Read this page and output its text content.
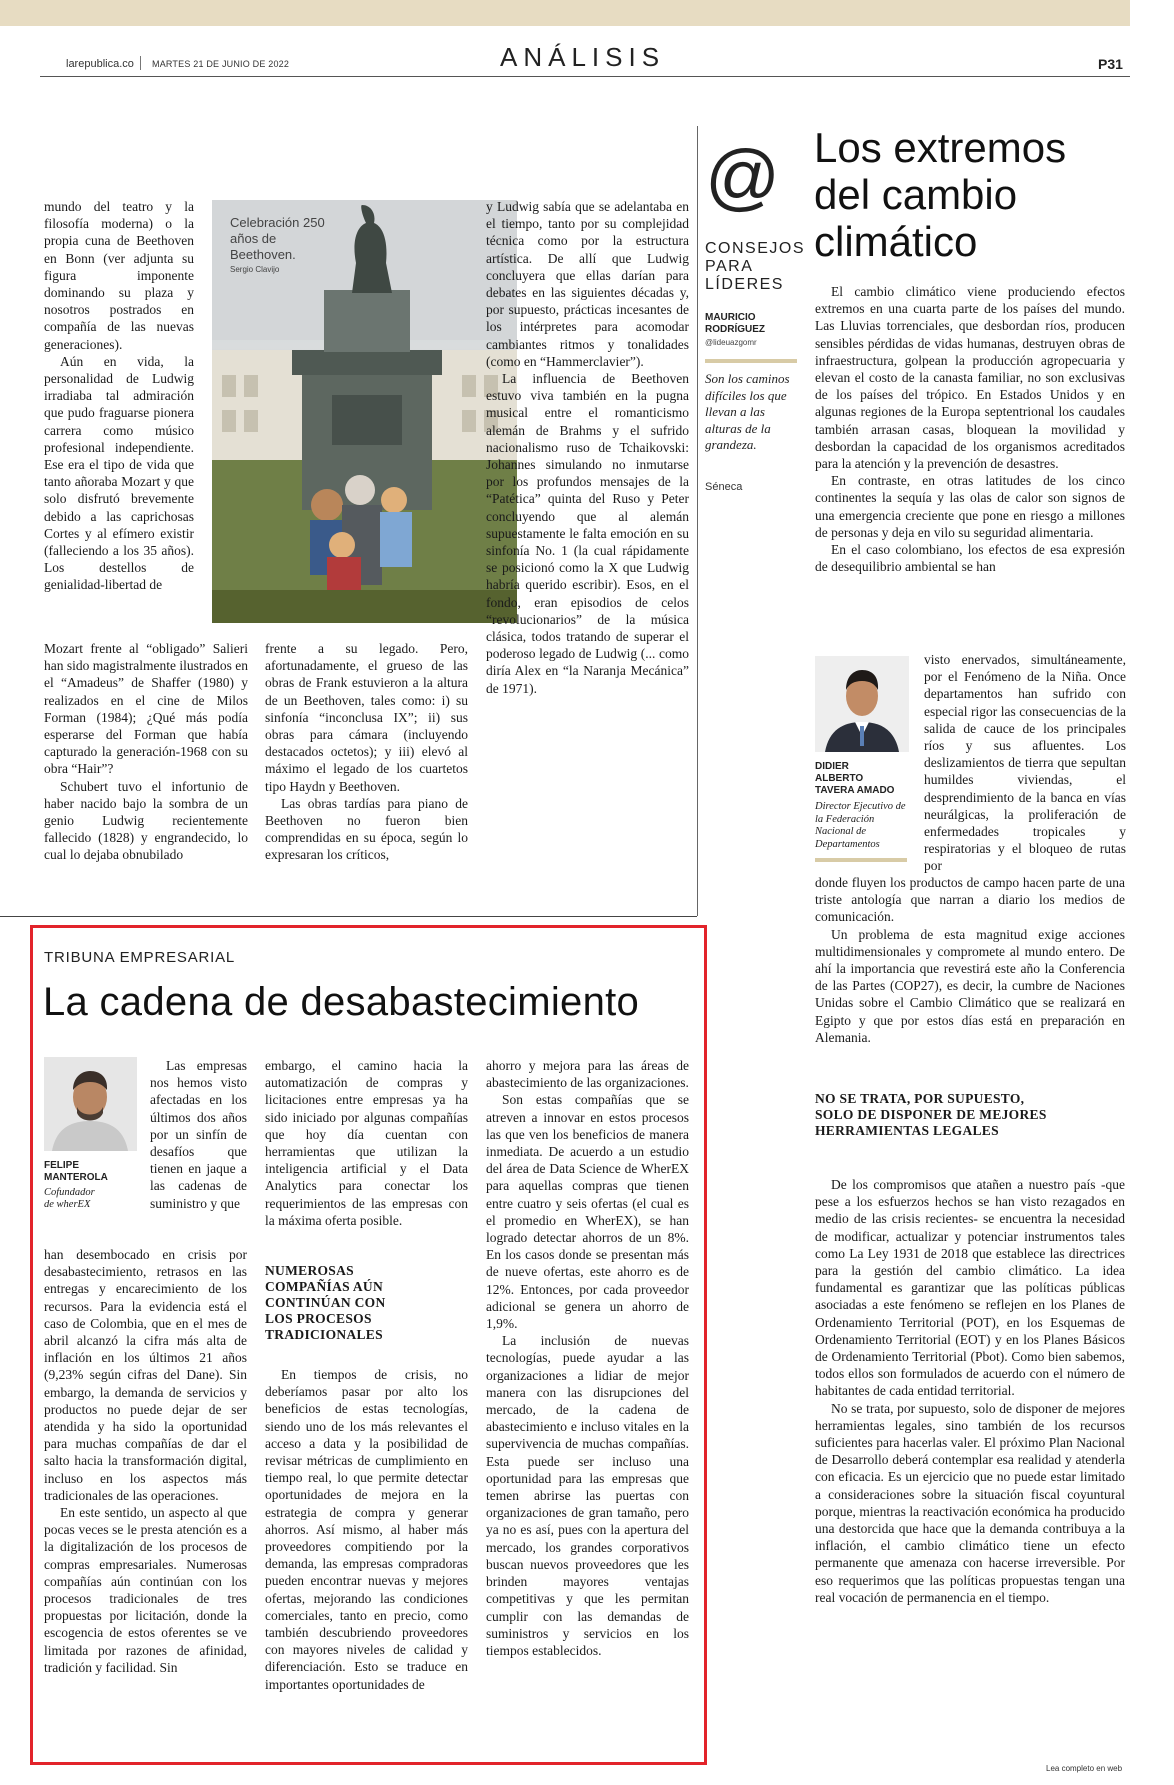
larepublica.co MARTES 21 DE JUNIO DE 2022	ANÁLISIS	P31

mundo del teatro y la filosofía moderna) o la propia cuna de Beethoven en Bonn (ver adjunta su figura imponente dominando su plaza y nosotros postrados en compañía de las nuevas generaciones).

Aún en vida, la personalidad de Ludwig irradiaba tal admiración que pudo fraguarse pionera carrera como músico profesional independiente. Ese era el tipo de vida que tanto añoraba Mozart y que solo disfrutó brevemente debido a las caprichosas Cortes y al efímero existir (falleciendo a los 35 años). Los destellos de genialidad-libertad de

Celebración 250 años de Beethoven.
Sergio Clavijo

Mozart frente al “obligado” Salieri han sido magistralmente ilustrados en el “Amadeus” de Shaffer (1980) y realizados en el cine de Milos Forman (1984); ¿Qué más podía esperarse del Forman que había capturado la generación-1968 con su obra “Hair”?

Schubert tuvo el infortunio de haber nacido bajo la sombra de un genio Ludwig recientemente fallecido (1828) y engrandecido, lo cual lo dejaba obnubilado

frente a su legado. Pero, afortunadamente, el grueso de las obras de Frank estuvieron a la altura de un Beethoven, tales como: i) su sinfonía “inconclusa IX”; ii) sus obras para cámara (incluyendo destacados octetos); y iii) elevó al máximo el legado de los cuartetos tipo Haydn y Beethoven.

Las obras tardías para piano de Beethoven no fueron bien comprendidas en su época, según lo expresaran los críticos,

y Ludwig sabía que se adelantaba en el tiempo, tanto por su complejidad técnica como por la estructura artística. De allí que Ludwig concluyera que ellas darían para debates en las siguientes décadas y, por supuesto, prácticas incesantes de los intérpretes para acomodar cambiantes ritmos y tonalidades (como en “Hammerclavier”).

La influencia de Beethoven estuvo viva también en la pugna musical entre el romanticismo alemán de Brahms y el sufrido nacionalismo ruso de Tchaikovski: Johannes simulando no inmutarse por los profundos mensajes de la “Patética” quinta del Ruso y Peter concluyendo que al alemán supuestamente le falta emoción en su sinfonía No. 1 (la cual rápidamente se posicionó como la X que Ludwig habría querido escribir). Esos, en el fondo, eran episodios de celos “revolucionarios” de la música clásica, todos tratando de superar el poderoso legado de Ludwig (... como diría Alex en “la Naranja Mecánica” de 1971).

@
CONSEJOS
PARA
LÍDERES
MAURICIO
RODRÍGUEZ
@lideuazgomr
Son los caminos difíciles los que llevan a las alturas de la grandeza.
Séneca
Los extremos
del cambio
climático

El cambio climático viene produciendo efectos extremos en una cuarta parte de los países del mundo. Las Lluvias torrenciales, que desbordan ríos, producen sensibles pérdidas de vidas humanas, destruyen obras de infraestructura, golpean la producción agropecuaria y elevan el costo de la canasta familiar, no son exclusivas de los países del trópico. En Estados Unidos y en algunas regiones de la Europa septentrional los caudales también arrasan casas, bloquean la movilidad y desbordan la capacidad de los organismos acreditados para la atención y la prevención de desastres.

En contraste, en otras latitudes de los cinco continentes la sequía y las olas de calor son signos de una emergencia creciente que pone en riesgo a millones de personas y deja en vilo su seguridad alimentaria.

En el caso colombiano, los efectos de esa expresión de desequilibrio ambiental se han

visto enervados, simultáneamente, por el Fenómeno de la Niña. Once departamentos han sufrido con especial rigor las consecuencias de la salida de cauce de los principales ríos y sus afluentes. Los deslizamientos de tierra que sepultan humildes viviendas, el desprendimiento de la banca en vías neurálgicas, la proliferación de enfermedades tropicales y respiratorias y el bloqueo de rutas por

DIDIER
ALBERTO
TAVERA AMADO
Director Ejecutivo de la Federación Nacional de Departamentos

donde fluyen los productos de campo hacen parte de una triste antología que narran a diario los medios de comunicación.

Un problema de esta magnitud exige acciones multidimensionales y compromete al mundo entero. De ahí la importancia que revestirá este año la Conferencia de las Partes (COP27), es decir, la cumbre de Naciones Unidas sobre el Cambio Climático que se realizará en Egipto y que por estos días está en preparación en Alemania.

NO SE TRATA, POR SUPUESTO, SOLO DE DISPONER DE MEJORES HERRAMIENTAS LEGALES

De los compromisos que atañen a nuestro país -que pese a los esfuerzos hechos se han visto rezagados en medio de las crisis recientes- se encuentra la necesidad de modificar, actualizar y potenciar instrumentos tales como La Ley 1931 de 2018 que establece las directrices para la gestión del cambio climático. La idea fundamental es garantizar que las políticas públicas asociadas a este fenómeno se reflejen en los Planes de Ordenamiento Territorial (POT), en los Esquemas de Ordenamiento Territorial (EOT) y en los Planes Básicos de Ordenamiento Territorial (Pbot). Como bien sabemos, todos ellos son formulados de acuerdo con el número de habitantes de cada entidad territorial.

No se trata, por supuesto, solo de disponer de mejores herramientas legales, sino también de los recursos suficientes para hacerlas valer. El próximo Plan Nacional de Desarrollo deberá contemplar esa realidad y atenderla con eficacia. Es un ejercicio que no puede estar limitado a consideraciones sobre la situación fiscal coyuntural porque, mientras la reactivación económica ha producido una destorcida que hace que la demanda contribuya a la inflación, el cambio climático tiene un efecto permanente que amenaza con hacerse irreversible. Por eso requerimos que las políticas propuestas tengan una real vocación de permanencia en el tiempo.

Lea completo en web
TRIBUNA EMPRESARIAL
La cadena de desabastecimiento
FELIPE
MANTEROLA
Cofundador
de wherEX

Las empresas nos hemos visto afectadas en los últimos dos años por un sinfín de desafíos que tienen en jaque a las cadenas de suministro y que

han desembocado en crisis por desabastecimiento, retrasos en las entregas y encarecimiento de los recursos. Para la evidencia está el caso de Colombia, que en el mes de abril alcanzó la cifra más alta de inflación en los últimos 21 años (9,23% según cifras del Dane). Sin embargo, la demanda de servicios y productos no puede dejar de ser atendida y ha sido la oportunidad para muchas compañías de dar el salto hacia la transformación digital, incluso en los aspectos más tradicionales de las operaciones.

En este sentido, un aspecto al que pocas veces se le presta atención es a la digitalización de los procesos de compras empresariales. Numerosas compañías aún continúan con los procesos tradicionales de tres propuestas por licitación, donde la escogencia de estos oferentes se ve limitada por razones de afinidad, tradición y facilidad. Sin

embargo, el camino hacia la automatización de compras y licitaciones entre empresas ya ha sido iniciado por algunas compañías que hoy día cuentan con herramientas que utilizan la inteligencia artificial y el Data Analytics para conectar los requerimientos de las empresas con la máxima oferta posible.

NUMEROSAS COMPAÑÍAS AÚN CONTINÚAN CON LOS PROCESOS TRADICIONALES

En tiempos de crisis, no deberíamos pasar por alto los beneficios de estas tecnologías, siendo uno de los más relevantes el acceso a data y la posibilidad de revisar métricas de cumplimiento en tiempo real, lo que permite detectar oportunidades de mejora en la estrategia de compra y generar ahorros. Así mismo, al haber más proveedores compitiendo por la demanda, las empresas compradoras pueden encontrar nuevas y mejores ofertas, mejorando las condiciones comerciales, tanto en precio, como también descubriendo proveedores con mayores niveles de calidad y diferenciación. Esto se traduce en importantes oportunidades de

ahorro y mejora para las áreas de abastecimiento de las organizaciones.

Son estas compañías que se atreven a innovar en estos procesos las que ven los beneficios de manera inmediata. De acuerdo a un estudio del área de Data Science de WherEX para aquellas compras que tienen entre cuatro y seis ofertas (el cual es el promedio en WherEX), se han logrado detectar ahorros de un 8%. En los casos donde se presentan más de nueve ofertas, este ahorro es de 12%. Entonces, por cada proveedor adicional se genera un ahorro de 1,9%.

La inclusión de nuevas tecnologías, puede ayudar a las organizaciones a lidiar de mejor manera con las disrupciones del mercado, de la cadena de abastecimiento e incluso vitales en la supervivencia de muchas compañías. Esta puede ser incluso una oportunidad para las empresas que temen abrirse las puertas con organizaciones de gran tamaño, pero ya no es así, pues con la apertura del mercado, los grandes corporativos buscan nuevos proveedores que les brinden mayores ventajas competitivas y que les permitan cumplir con las demandas de suministros y servicios en los tiempos establecidos.
